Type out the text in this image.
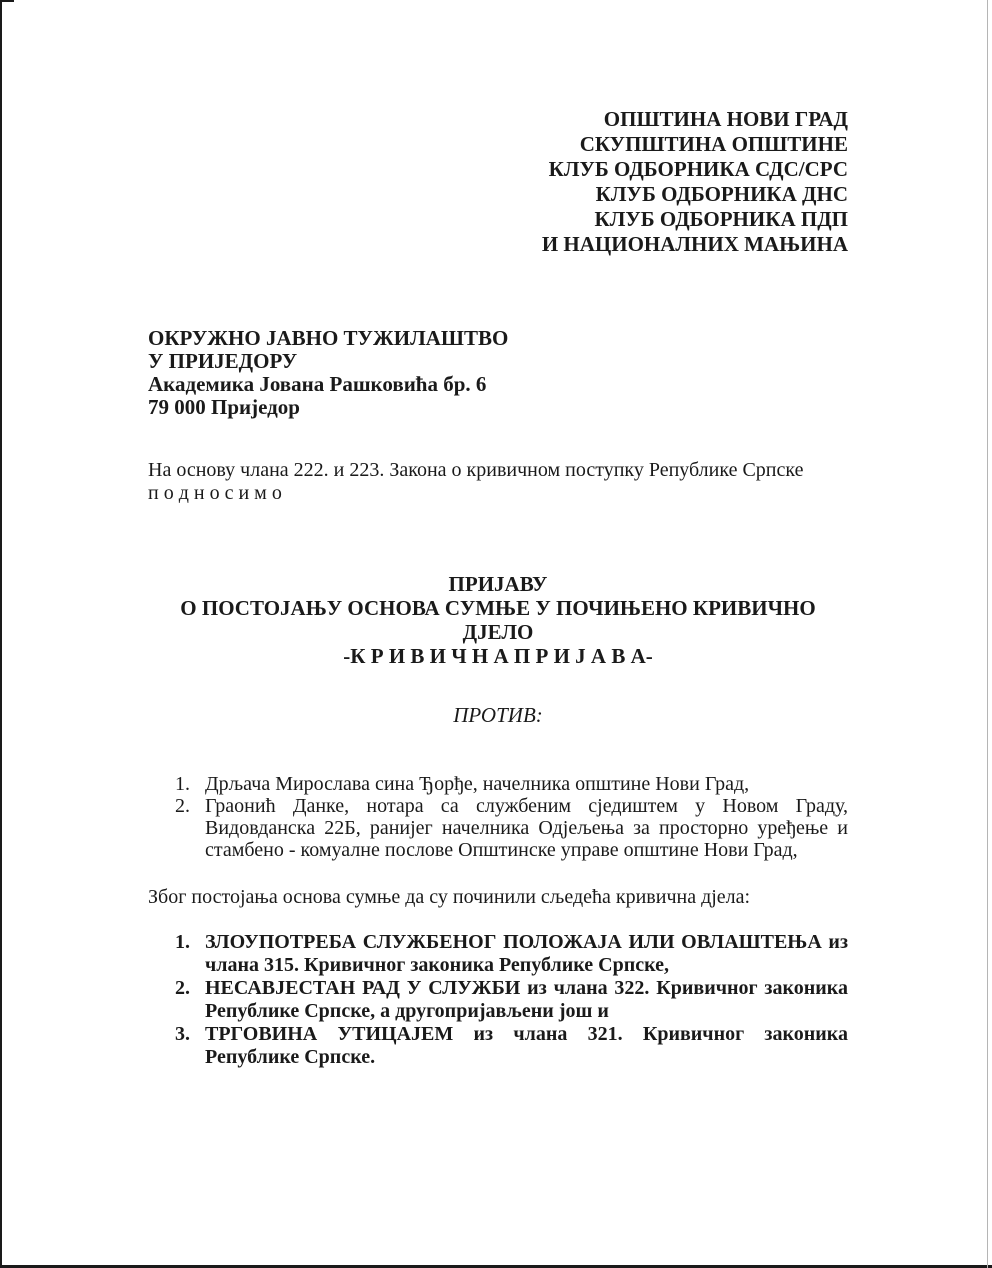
ОПШТИНА НОВИ ГРАД
СКУПШТИНА ОПШТИНЕ
КЛУБ ОДБОРНИКА СДС/СРС
КЛУБ ОДБОРНИКА ДНС
КЛУБ ОДБОРНИКА ПДП
И НАЦИОНАЛНИХ МАЊИНА
ОКРУЖНО ЈАВНО ТУЖИЛАШТВО
У ПРИЈЕДОРУ
Академика Јована Рашковића бр. 6
79 000 Приједор
На основу члана 222. и 223. Закона о кривичном поступку Републике Српске
п о д н о с и м о
ПРИЈАВУ
О ПОСТОЈАЊУ ОСНОВА СУМЊЕ У ПОЧИЊЕНО КРИВИЧНО ДЈЕЛО
-К Р И В И Ч Н А П Р И Ј А В А-
ПРОТИВ:
1. Дрљача Мирослава сина Ђорђе, начелника општине Нови Град,
2. Граонић Данке, нотара са службеним сједиштем у Новом Граду, Видовданска 22Б, ранијег начелника Одјељења за просторно уређење и стамбено - комуалне послове Општинске управе општине Нови Град,
Због постојања основа сумње да су починили сљедећа кривична дјела:
1. ЗЛОУПОТРЕБА СЛУЖБЕНОГ ПОЛОЖАЈА ИЛИ ОВЛАШТЕЊА из члана 315. Кривичног законика Републике Српске,
2. НЕСАВЈЕСТАН РАД У СЛУЖБИ из члана 322. Кривичног законика Републике Српске, а другопријављени још и
3. ТРГОВИНА УТИЦАЈЕМ из члана 321. Кривичног законика Републике Српске.
